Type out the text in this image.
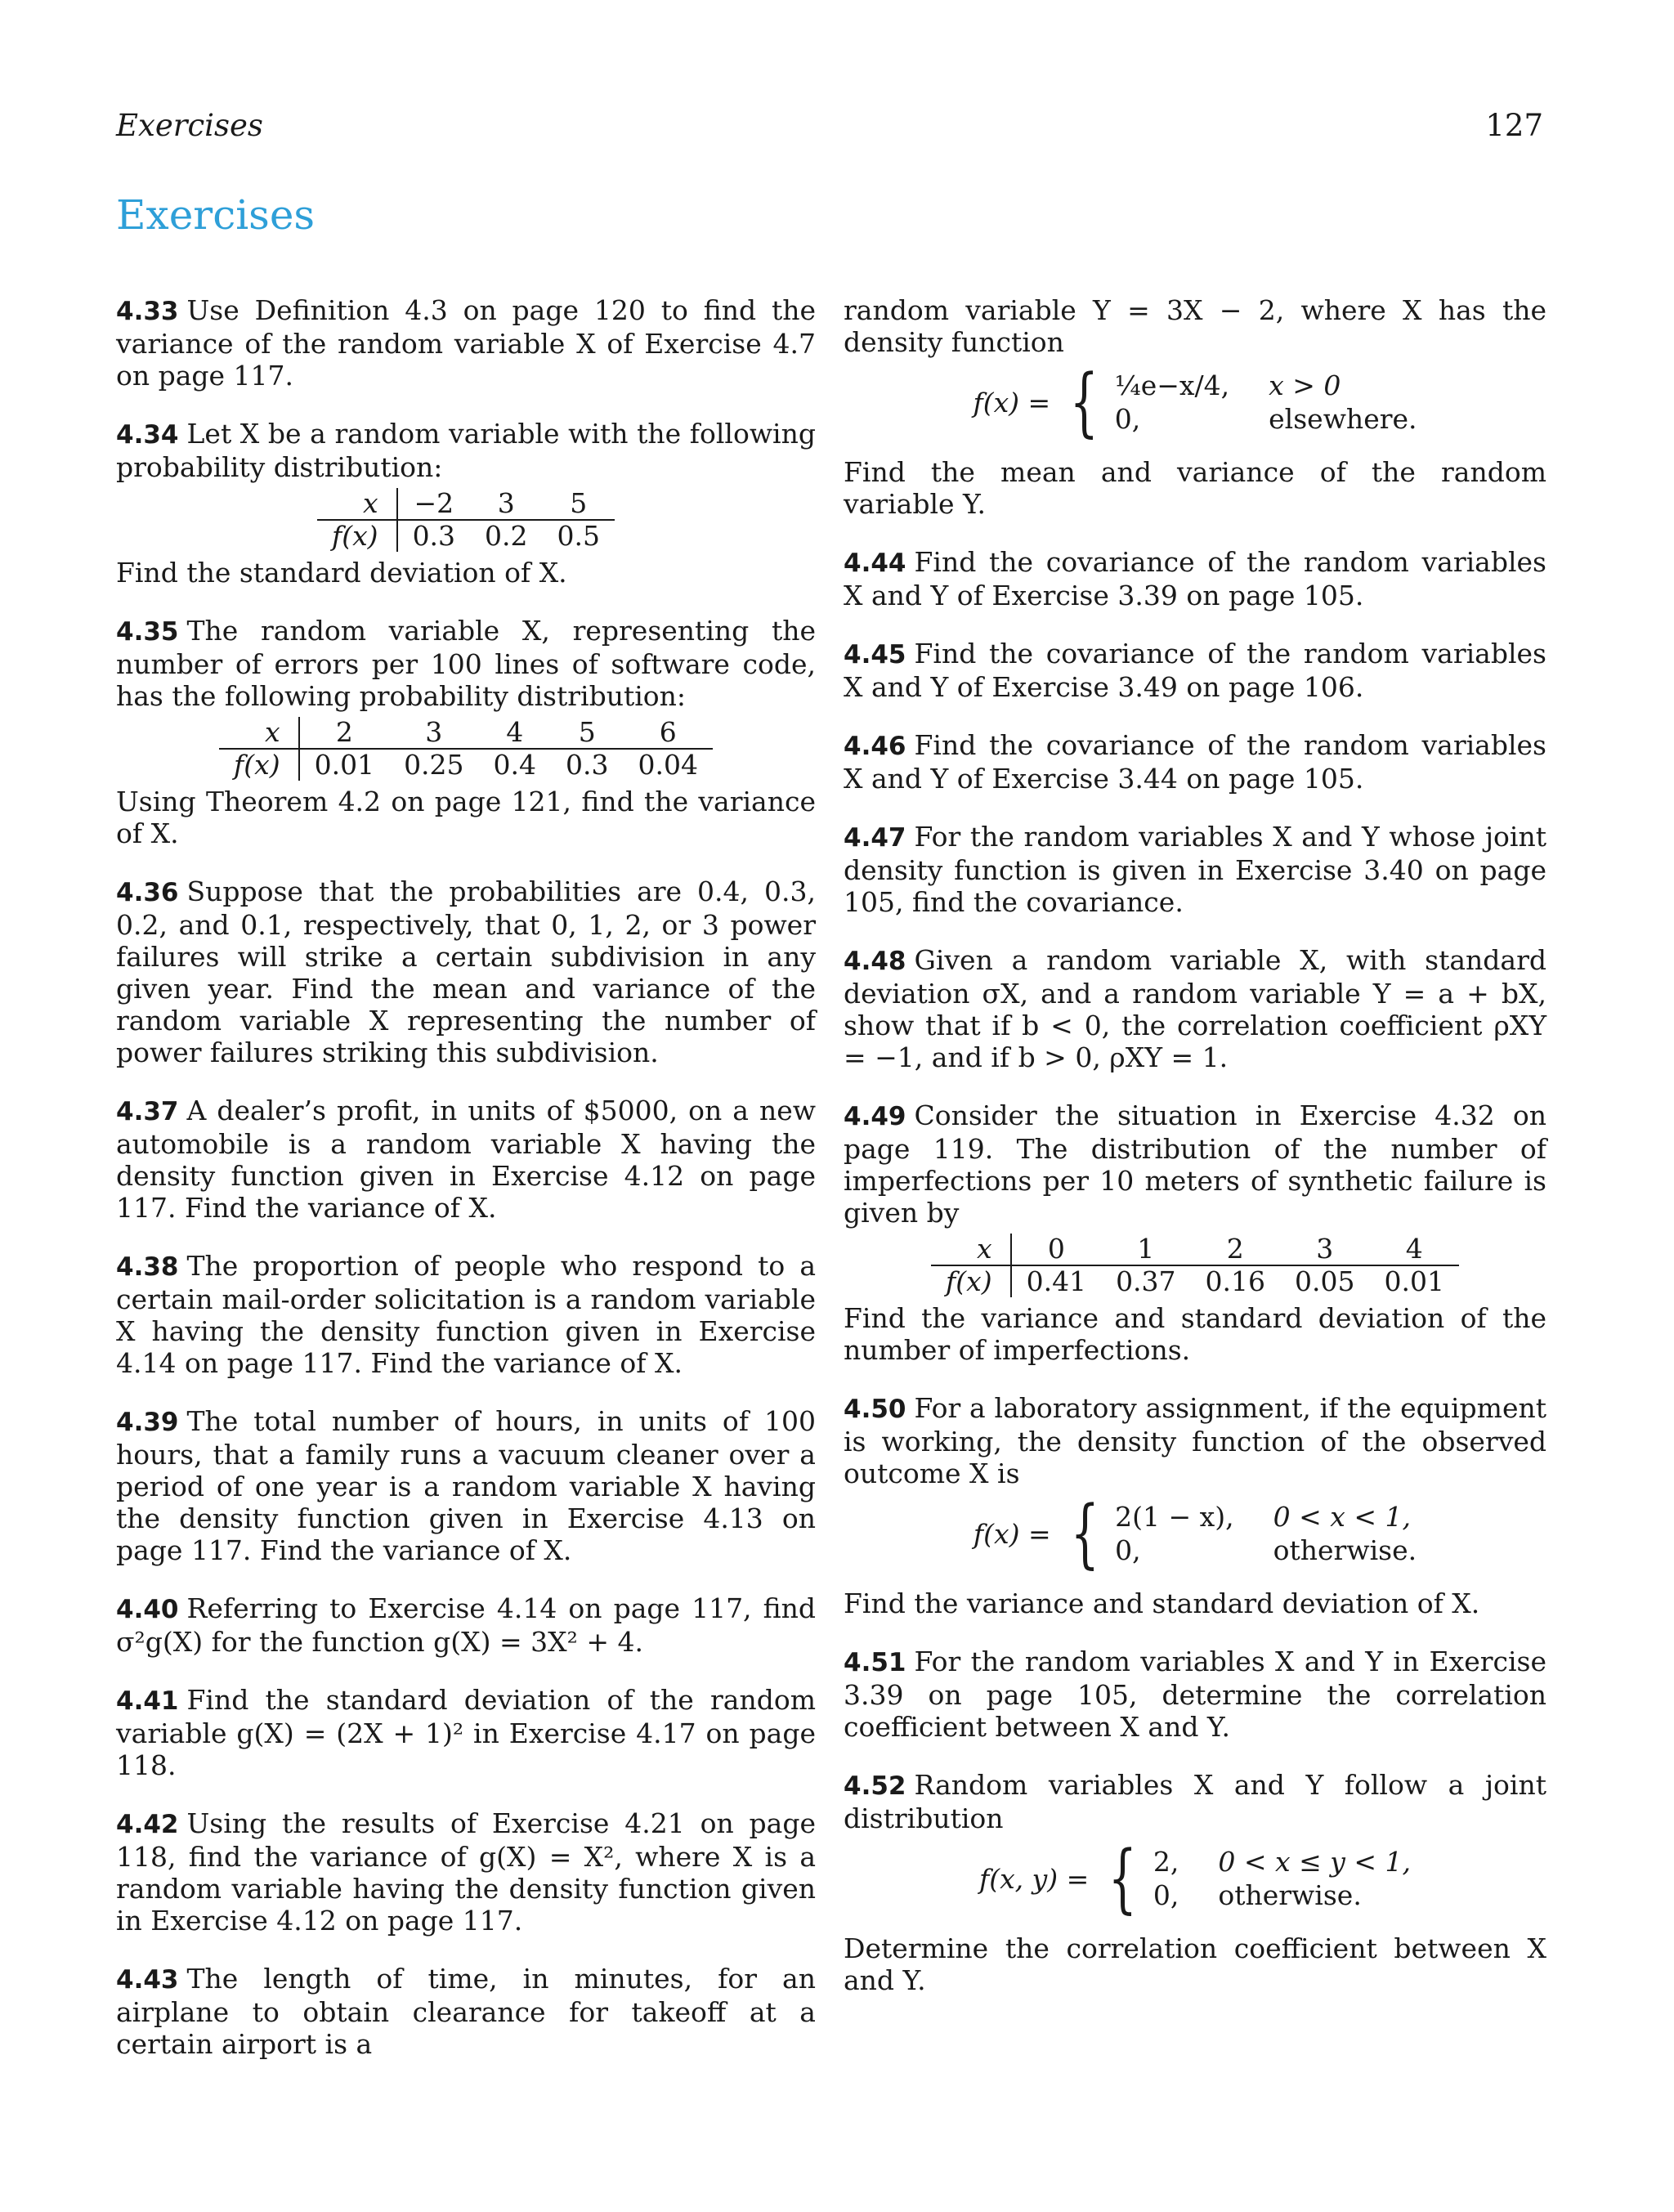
Exercises	127
Exercises

4.33 Use Definition 4.3 on page 120 to find the variance of the random variable X of Exercise 4.7 on page 117.

4.34 Let X be a random variable with the following probability distribution:

x	−2	3	5
f(x)	0.3	0.2	0.5

Find the standard deviation of X.

4.35 The random variable X, representing the number of errors per 100 lines of software code, has the following probability distribution:

x	2	3	4	5	6
f(x)	0.01	0.25	0.4	0.3	0.04

Using Theorem 4.2 on page 121, find the variance of X.

4.36 Suppose that the probabilities are 0.4, 0.3, 0.2, and 0.1, respectively, that 0, 1, 2, or 3 power failures will strike a certain subdivision in any given year. Find the mean and variance of the random variable X representing the number of power failures striking this subdivision.

4.37 A dealer’s profit, in units of $5000, on a new automobile is a random variable X having the density function given in Exercise 4.12 on page 117. Find the variance of X.

4.38 The proportion of people who respond to a certain mail-order solicitation is a random variable X having the density function given in Exercise 4.14 on page 117. Find the variance of X.

4.39 The total number of hours, in units of 100 hours, that a family runs a vacuum cleaner over a period of one year is a random variable X having the density function given in Exercise 4.13 on page 117. Find the variance of X.

4.40 Referring to Exercise 4.14 on page 117, find σ²g(X) for the function g(X) = 3X² + 4.

4.41 Find the standard deviation of the random variable g(X) = (2X + 1)² in Exercise 4.17 on page 118.

4.42 Using the results of Exercise 4.21 on page 118, find the variance of g(X) = X², where X is a random variable having the density function given in Exercise 4.12 on page 117.

4.43 The length of time, in minutes, for an airplane to obtain clearance for takeoff at a certain airport is a

random variable Y = 3X − 2, where X has the density function

f(x) = { ¼e−x/4, x > 0
0,	elsewhere.

Find the mean and variance of the random variable Y.

4.44 Find the covariance of the random variables X and Y of Exercise 3.39 on page 105.

4.45 Find the covariance of the random variables X and Y of Exercise 3.49 on page 106.

4.46 Find the covariance of the random variables X and Y of Exercise 3.44 on page 105.

4.47 For the random variables X and Y whose joint density function is given in Exercise 3.40 on page 105, find the covariance.

4.48 Given a random variable X, with standard deviation σX, and a random variable Y = a + bX, show that if b < 0, the correlation coefficient ρXY = −1, and if b > 0, ρXY = 1.

4.49 Consider the situation in Exercise 4.32 on page 119. The distribution of the number of imperfections per 10 meters of synthetic failure is given by

x	0	1	2	3	4
f(x)	0.41	0.37	0.16	0.05	0.01

Find the variance and standard deviation of the number of imperfections.

4.50 For a laboratory assignment, if the equipment is working, the density function of the observed outcome X is

f(x) = { 2(1 − x), 0 < x < 1,
0,	otherwise.

Find the variance and standard deviation of X.

4.51 For the random variables X and Y in Exercise 3.39 on page 105, determine the correlation coefficient between X and Y.

4.52 Random variables X and Y follow a joint distribution

f(x, y) = { 2, 0 < x ≤ y < 1,
0, otherwise.

Determine the correlation coefficient between X and Y.
